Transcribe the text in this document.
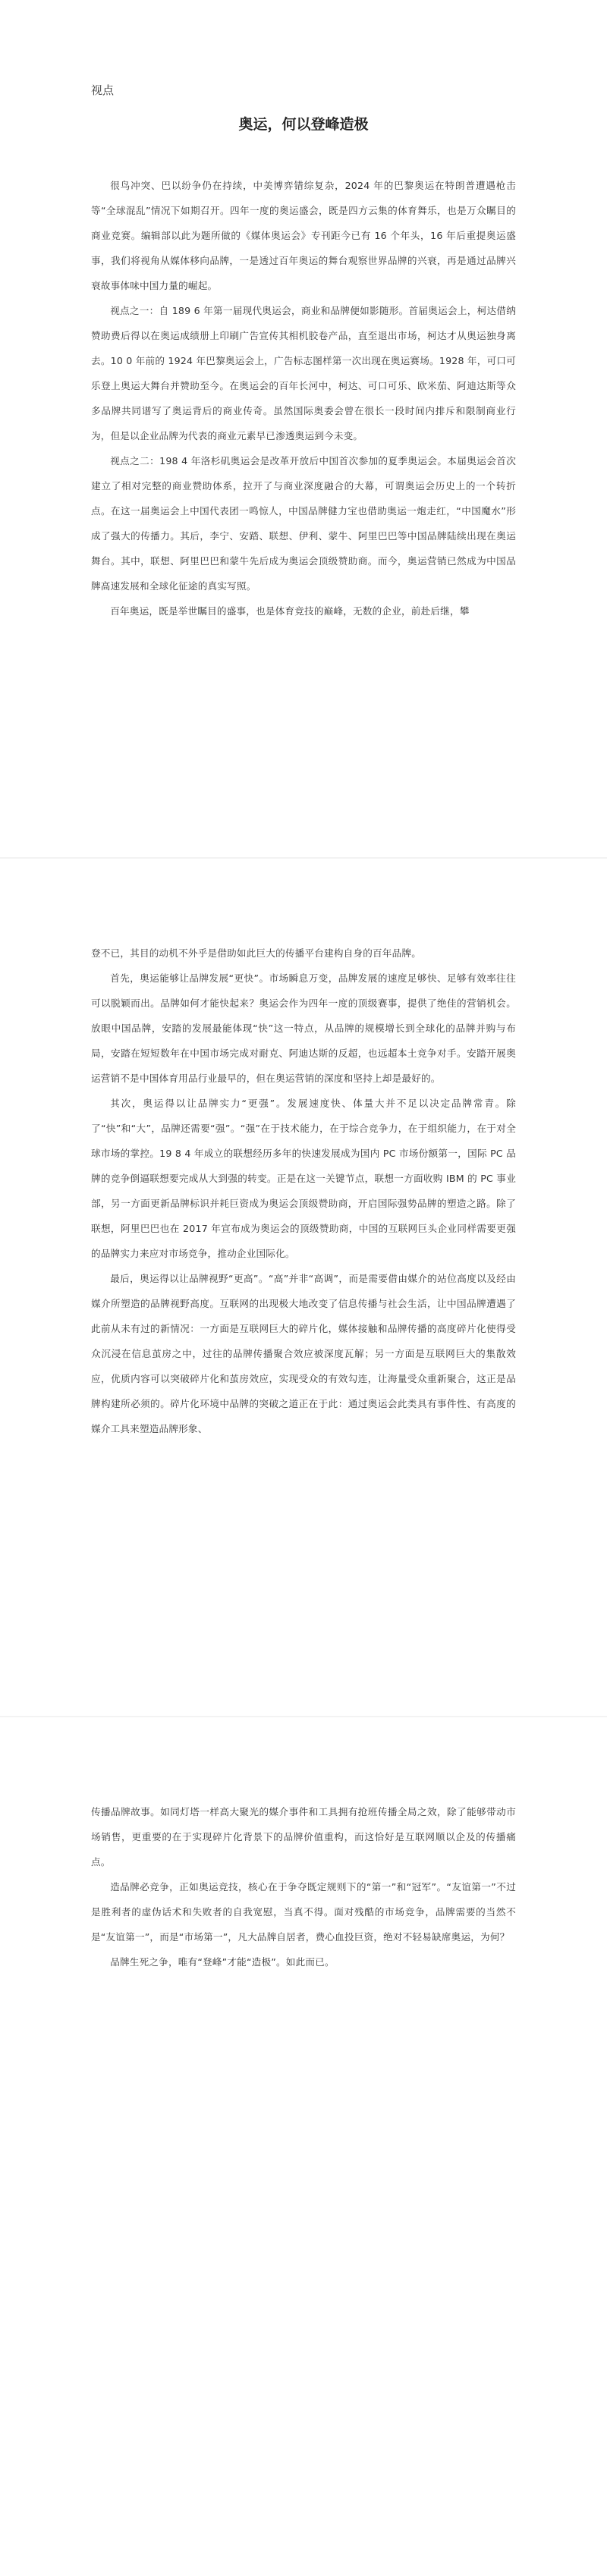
视点
奥运，何以登峰造极

很鸟冲突、巴以纷争仍在持续，中美博弈错综复杂，2024 年的巴黎奥运在特朗普遭遇枪击等“全球混乱”情况下如期召开。四年一度的奥运盛会，既是四方云集的体育舞乐，也是万众瞩目的商业竞赛。编辑部以此为题所做的《媒体奥运会》专刊距今已有 16 个年头，16 年后重提奥运盛事，我们将视角从媒体移向品牌，一是透过百年奥运的舞台观察世界品牌的兴衰，再是通过品牌兴衰故事体味中国力量的崛起。

视点之一：自 189 6 年第一届现代奥运会，商业和品牌便如影随形。首届奥运会上，柯达借纳赞助费后得以在奥运成绩册上印刷广告宣传其相机胶卷产品，直至退出市场，柯达才从奥运独身离去。10 0 年前的 1924 年巴黎奥运会上，广告标志图样第一次出现在奥运赛场。1928 年，可口可乐登上奥运大舞台并赞助至今。在奥运会的百年长河中，柯达、可口可乐、欧米茄、阿迪达斯等众多品牌共同谱写了奥运背后的商业传奇。虽然国际奥委会曾在很长一段时间内排斥和限制商业行为，但是以企业品牌为代表的商业元素早已渗透奥运到今未变。

视点之二：198 4 年洛杉矶奥运会是改革开放后中国首次参加的夏季奥运会。本届奥运会首次建立了相对完整的商业赞助体系，拉开了与商业深度融合的大幕，可谓奥运会历史上的一个转折点。在这一届奥运会上中国代表团一鸣惊人，中国品牌健力宝也借助奥运一炮走红，“中国魔水”形成了强大的传播力。其后，李宁、安踏、联想、伊利、蒙牛、阿里巴巴等中国品牌陆续出现在奥运舞台。其中，联想、阿里巴巴和蒙牛先后成为奥运会顶级赞助商。而今，奥运营销已然成为中国品牌高速发展和全球化征途的真实写照。

百年奥运，既是举世瞩目的盛事，也是体育竞技的巅峰，无数的企业，前赴后继，攀

登不已，其目的动机不外乎是借助如此巨大的传播平台建构自身的百年品牌。

首先，奥运能够让品牌发展“更快”。市场瞬息万变，品牌发展的速度足够快、足够有效率往往可以脱颖而出。品牌如何才能快起来？奥运会作为四年一度的顶级赛事，提供了绝佳的营销机会。放眼中国品牌，安踏的发展最能体现“快”这一特点，从品牌的规模增长到全球化的品牌并购与布局，安踏在短短数年在中国市场完成对耐克、阿迪达斯的反超，也远超本土竞争对手。安踏开展奥运营销不是中国体育用品行业最早的，但在奥运营销的深度和坚持上却是最好的。

其次，奥运得以让品牌实力“更强”。发展速度快、体量大并不足以决定品牌常青。除了“快”和“大”，品牌还需要“强”。“强”在于技术能力，在于综合竞争力，在于组织能力，在于对全球市场的掌控。19 8 4 年成立的联想经历多年的快速发展成为国内 PC 市场份额第一，国际 PC 品牌的竞争倒逼联想要完成从大到强的转变。正是在这一关键节点，联想一方面收购 IBM 的 PC 事业部，另一方面更新品牌标识并耗巨资成为奥运会顶级赞助商，开启国际强势品牌的塑造之路。除了联想，阿里巴巴也在 2017 年宣布成为奥运会的顶级赞助商，中国的互联网巨头企业同样需要更强的品牌实力来应对市场竞争，推动企业国际化。

最后，奥运得以让品牌视野“更高”。“高”并非“高调”，而是需要借由媒介的站位高度以及经由媒介所塑造的品牌视野高度。互联网的出现极大地改变了信息传播与社会生活，让中国品牌遭遇了此前从未有过的新情况：一方面是互联网巨大的碎片化，媒体接触和品牌传播的高度碎片化使得受众沉浸在信息茧房之中，过往的品牌传播聚合效应被深度瓦解；另一方面是互联网巨大的集散效应，优质内容可以突破碎片化和茧房效应，实现受众的有效勾连，让海量受众重新聚合，这正是品牌构建所必须的。碎片化环境中品牌的突破之道正在于此：通过奥运会此类具有事件性、有高度的媒介工具来塑造品牌形象、

传播品牌故事。如同灯塔一样高大聚光的媒介事件和工具拥有抢班传播全局之效，除了能够带动市场销售，更重要的在于实现碎片化背景下的品牌价值重构，而这恰好是互联网顺以企及的传播痛点。

造品牌必竞争，正如奥运竞技，核心在于争夺既定规则下的“第一”和“冠军”。“友谊第一”不过是胜利者的虚伪话术和失败者的自我宽慰，当真不得。面对残酷的市场竞争，品牌需要的当然不是“友谊第一”，而是“市场第一”，凡大品牌自居者，费心血投巨资，绝对不轻易缺席奥运，为何？

品牌生死之争，唯有“登峰”才能“造极”。如此而已。
